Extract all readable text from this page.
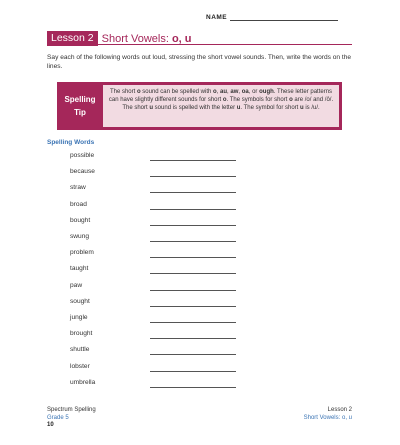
NAME
Lesson 2 Short Vowels: o, u
Say each of the following words out loud, stressing the short vowel sounds. Then, write the words on the lines.
Spelling
Tip
The short o sound can be spelled with o, au, aw, oa, or ough. These letter patterns can have slightly different sounds for short o. The symbols for short o are /o/ and /ô/. The short u sound is spelled with the letter u. The symbol for short u is /u/.
Spelling Words
possible
because
straw
broad
bought
swung
problem
taught
paw
sought
jungle
brought
shuttle
lobster
umbrella
Spectrum Spelling
Grade 5
10
Lesson 2
Short Vowels: o, u
